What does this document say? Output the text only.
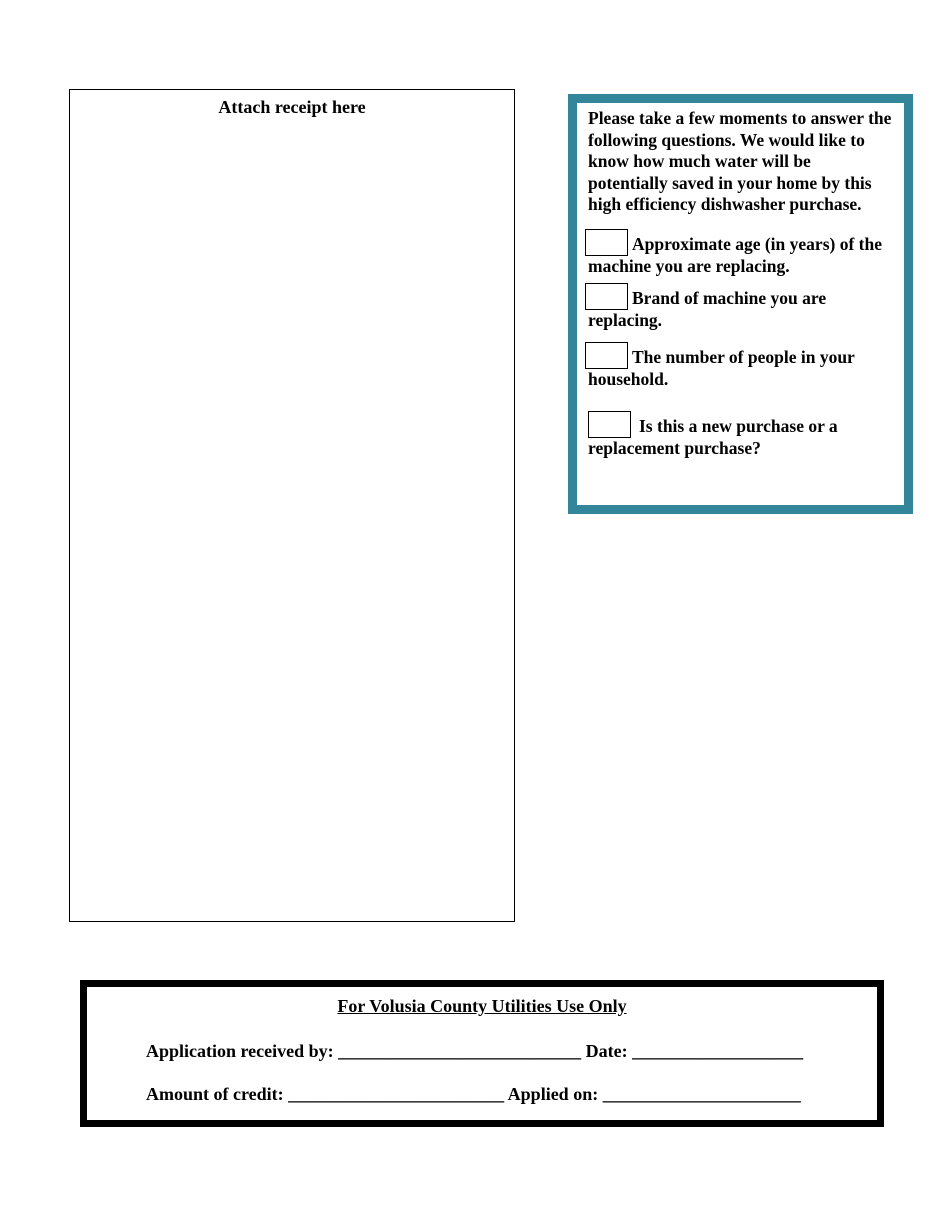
Attach receipt here

Please take a few moments to answer the following questions. We would like to know how much water will be potentially saved in your home by this high efficiency dishwasher purchase.

Approximate age (in years) of the machine you are replacing.

Brand of machine you are replacing.

The number of people in your household.

Is this a new purchase or a replacement purchase?

For Volusia County Utilities Use Only
Application received by: ___________________________ Date: ___________________
Amount of credit: ________________________ Applied on: ______________________
